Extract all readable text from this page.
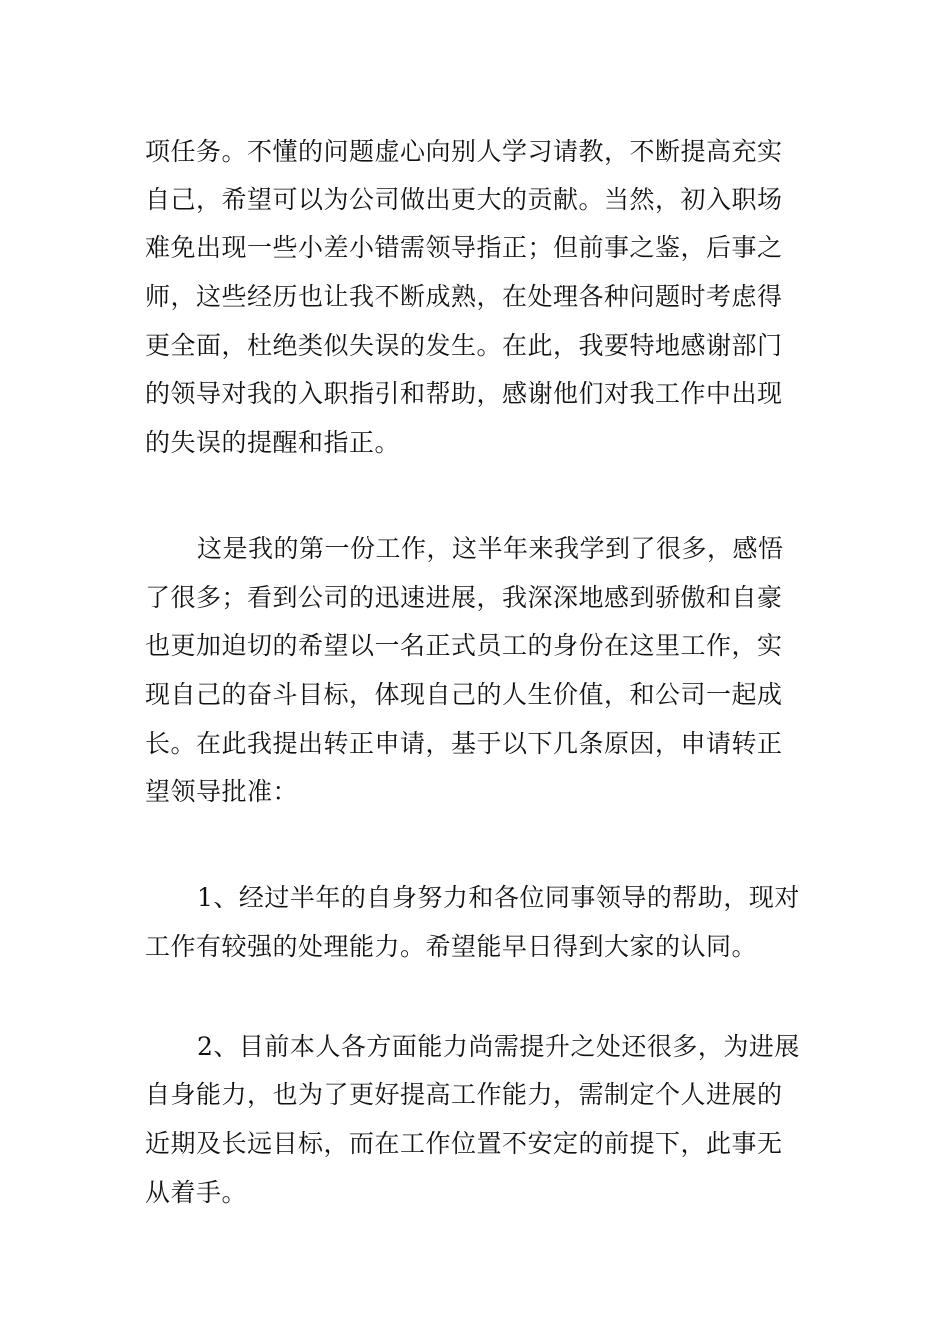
项任务。不懂的问题虚心向别人学习请教，不断提高充实
自己，希望可以为公司做出更大的贡献。当然，初入职场
难免出现一些小差小错需领导指正；但前事之鉴，后事之
师，这些经历也让我不断成熟，在处理各种问题时考虑得
更全面，杜绝类似失误的发生。在此，我要特地感谢部门
的领导对我的入职指引和帮助，感谢他们对我工作中出现
的失误的提醒和指正。
这是我的第一份工作，这半年来我学到了很多，感悟
了很多；看到公司的迅速进展，我深深地感到骄傲和自豪
也更加迫切的希望以一名正式员工的身份在这里工作，实
现自己的奋斗目标，体现自己的人生价值，和公司一起成
长。在此我提出转正申请，基于以下几条原因，申请转正
望领导批准：
1、经过半年的自身努力和各位同事领导的帮助，现对
工作有较强的处理能力。希望能早日得到大家的认同。
2、目前本人各方面能力尚需提升之处还很多，为进展
自身能力，也为了更好提高工作能力，需制定个人进展的
近期及长远目标，而在工作位置不安定的前提下，此事无
从着手。
